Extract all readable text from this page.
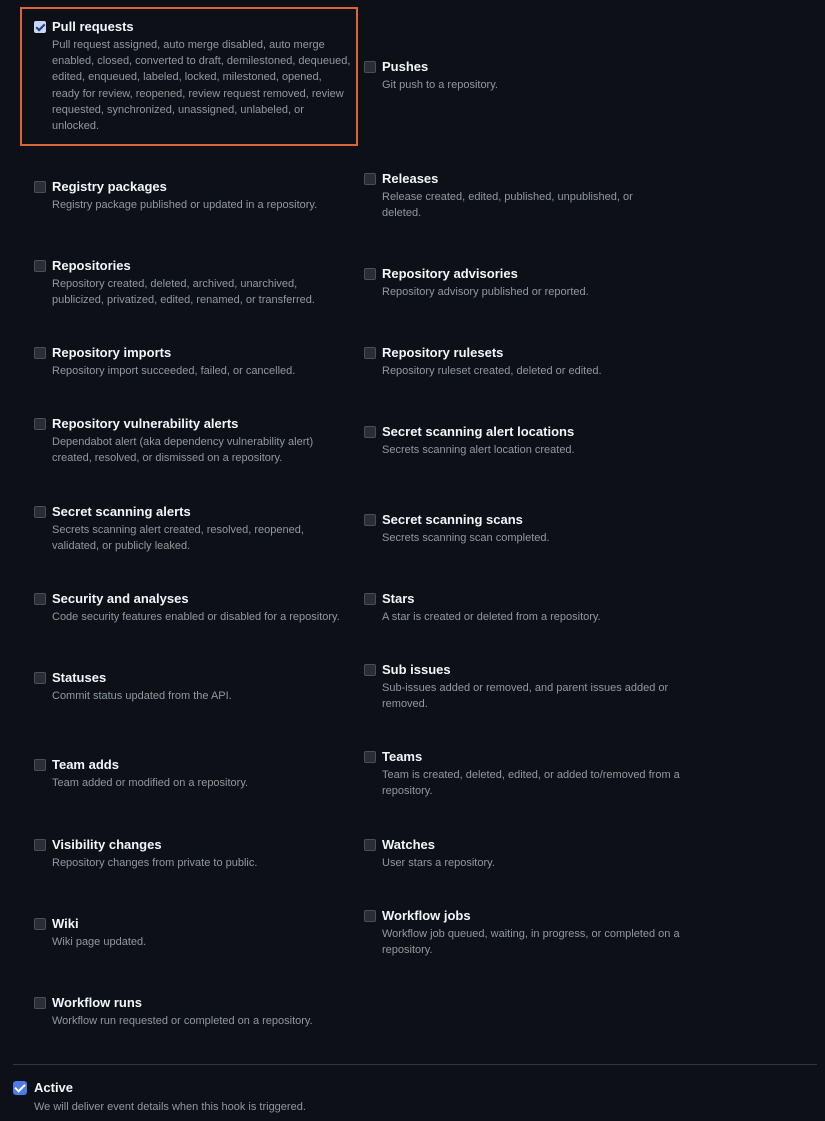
Pull requests
Pull request assigned, auto merge disabled, auto merge enabled, closed, converted to draft, demilestoned, dequeued, edited, enqueued, labeled, locked, milestoned, opened, ready for review, reopened, review request removed, review requested, synchronized, unassigned, unlabeled, or unlocked.
Pushes
Git push to a repository.
Registry packages
Registry package published or updated in a repository.
Releases
Release created, edited, published, unpublished, or deleted.
Repositories
Repository created, deleted, archived, unarchived, publicized, privatized, edited, renamed, or transferred.
Repository advisories
Repository advisory published or reported.
Repository imports
Repository import succeeded, failed, or cancelled.
Repository rulesets
Repository ruleset created, deleted or edited.
Repository vulnerability alerts
Dependabot alert (aka dependency vulnerability alert) created, resolved, or dismissed on a repository.
Secret scanning alert locations
Secrets scanning alert location created.
Secret scanning alerts
Secrets scanning alert created, resolved, reopened, validated, or publicly leaked.
Secret scanning scans
Secrets scanning scan completed.
Security and analyses
Code security features enabled or disabled for a repository.
Stars
A star is created or deleted from a repository.
Statuses
Commit status updated from the API.
Sub issues
Sub-issues added or removed, and parent issues added or removed.
Team adds
Team added or modified on a repository.
Teams
Team is created, deleted, edited, or added to/removed from a repository.
Visibility changes
Repository changes from private to public.
Watches
User stars a repository.
Wiki
Wiki page updated.
Workflow jobs
Workflow job queued, waiting, in progress, or completed on a repository.
Workflow runs
Workflow run requested or completed on a repository.
Active
We will deliver event details when this hook is triggered.
